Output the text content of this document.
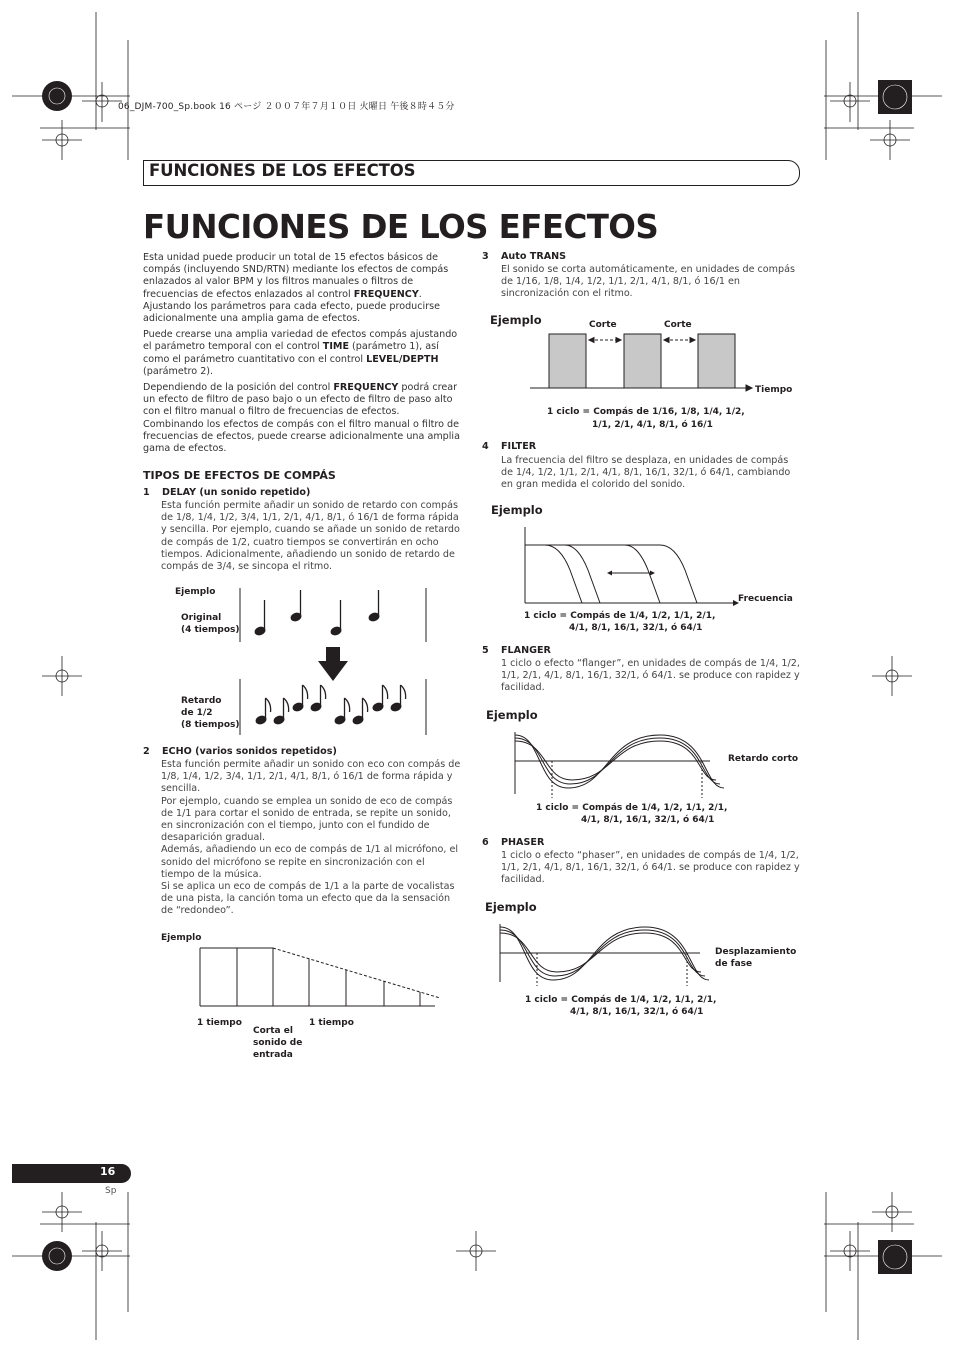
06_DJM-700_Sp.book 16 ページ ２００７年７月１０日 火曜日 午後８時４５分
FUNCIONES DE LOS EFECTOS
FUNCIONES DE LOS EFECTOS

Esta unidad puede producir un total de 15 efectos básicos de compás (incluyendo SND/RTN) mediante los efectos de compás enlazados al valor BPM y los filtros manuales o filtros de frecuencias de efectos enlazados al control FREQUENCY. Ajustando los parámetros para cada efecto, puede producirse adicionalmente una amplia gama de efectos.

Puede crearse una amplia variedad de efectos compás ajustando el parámetro temporal con el control TIME (parámetro 1), así como el parámetro cuantitativo con el control LEVEL/DEPTH (parámetro 2).

Dependiendo de la posición del control FREQUENCY podrá crear un efecto de filtro de paso bajo o un efecto de filtro de paso alto con el filtro manual o filtro de frecuencias de efectos. Combinando los efectos de compás con el filtro manual o filtro de frecuencias de efectos, puede crearse adicionalmente una amplia gama de efectos.

TIPOS DE EFECTOS DE COMPÁS
1 DELAY (un sonido repetido)
Esta función permite añadir un sonido de retardo con compás de 1/8, 1/4, 1/2, 3/4, 1/1, 2/1, 4/1, 8/1, ó 16/1 de forma rápida y sencilla. Por ejemplo, cuando se añade un sonido de retardo de compás de 1/2, cuatro tiempos se convertirán en ocho tiempos. Adicionalmente, añadiendo un sonido de retardo de compás de 3/4, se sincopa el ritmo.
Ejemplo
Original
(4 tiempos)
Retardo
de 1/2
(8 tiempos)
2 ECHO (varios sonidos repetidos)
Esta función permite añadir un sonido con eco con compás de 1/8, 1/4, 1/2, 3/4, 1/1, 2/1, 4/1, 8/1, ó 16/1 de forma rápida y sencilla.
Por ejemplo, cuando se emplea un sonido de eco de compás de 1/1 para cortar el sonido de entrada, se repite un sonido, en sincronización con el tiempo, junto con el fundido de desaparición gradual.
Además, añadiendo un eco de compás de 1/1 al micrófono, el sonido del micrófono se repite en sincronización con el tiempo de la música.
Si se aplica un eco de compás de 1/1 a la parte de vocalistas de una pista, la canción toma un efecto que da la sensación de “redondeo”.
Ejemplo
1 tiempo
Corta el
sonido de
entrada
1 tiempo
3 Auto TRANS
El sonido se corta automáticamente, en unidades de compás de 1/16, 1/8, 1/4, 1/2, 1/1, 2/1, 4/1, 8/1, ó 16/1 en sincronización con el ritmo.
Ejemplo	Corte	Corte
Tiempo
1 ciclo = Compás de 1/16, 1/8, 1/4, 1/2,
1/1, 2/1, 4/1, 8/1, ó 16/1
4 FILTER
La frecuencia del filtro se desplaza, en unidades de compás de 1/4, 1/2, 1/1, 2/1, 4/1, 8/1, 16/1, 32/1, ó 64/1, cambiando en gran medida el colorido del sonido.
Ejemplo
Frecuencia
1 ciclo = Compás de 1/4, 1/2, 1/1, 2/1,
4/1, 8/1, 16/1, 32/1, ó 64/1
5 FLANGER
1 ciclo o efecto “flanger”, en unidades de compás de 1/4, 1/2, 1/1, 2/1, 4/1, 8/1, 16/1, 32/1, ó 64/1. se produce con rapidez y facilidad.
Ejemplo
Retardo corto
1 ciclo = Compás de 1/4, 1/2, 1/1, 2/1,
4/1, 8/1, 16/1, 32/1, ó 64/1
6 PHASER
1 ciclo o efecto “phaser”, en unidades de compás de 1/4, 1/2, 1/1, 2/1, 4/1, 8/1, 16/1, 32/1, ó 64/1. se produce con rapidez y facilidad.
Ejemplo
Desplazamiento
de fase
1 ciclo = Compás de 1/4, 1/2, 1/1, 2/1,
4/1, 8/1, 16/1, 32/1, ó 64/1
16
Sp
